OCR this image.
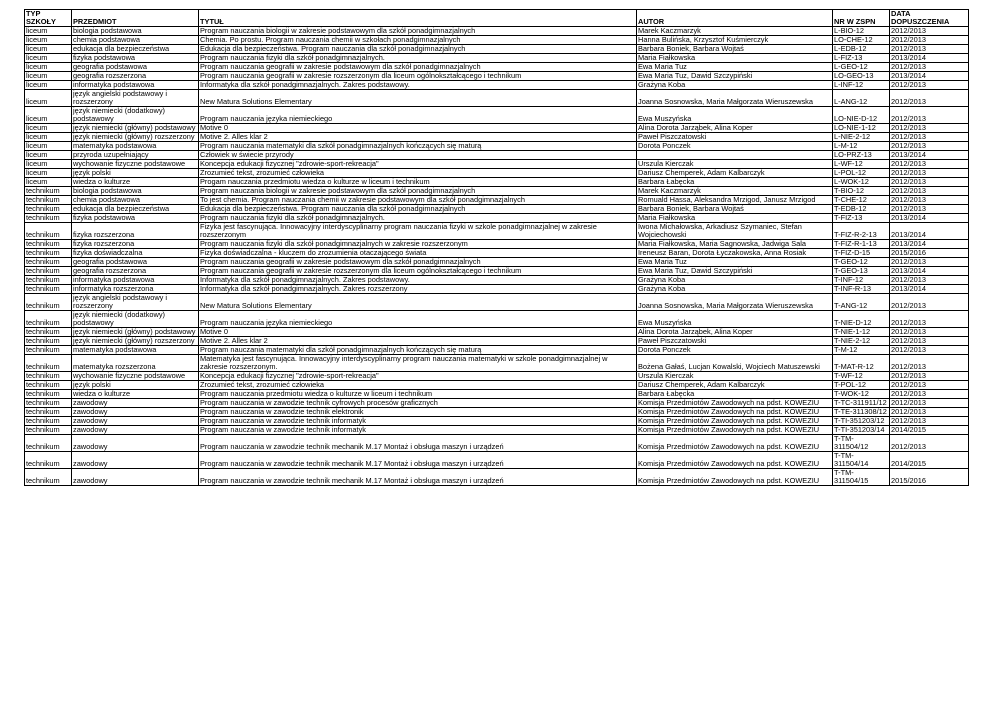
TYP SZKOŁY	PRZEDMIOT	TYTUŁ	AUTOR	NR W ZSPN	DATA DOPUSZCZENIA
liceum	biologia podstawowa	Program nauczania biologii w zakresie podstawowym dla szkół ponadgimnazjalnych	Marek Kaczmarzyk	L-BIO-12	2012/2013
liceum	chemia podstawowa	Chemia. Po prostu. Program nauczania chemii w szkołach ponadgimnazjalnych	Hanna Bulińska, Krzysztof Kuśmierczyk	LO-CHE-12	2012/2013
liceum	edukacja dla bezpieczeństwa	Edukacja dla bezpieczeństwa. Program nauczania dla szkół ponadgimnazjalnych	Barbara Boniek, Barbara Wojtaś	L-EDB-12	2012/2013
liceum	fizyka podstawowa	Program nauczania fizyki dla szkół ponadgimnazjalnych.	Maria Fiałkowska	L-FIZ-13	2013/2014
liceum	geografia podstawowa	Program nauczania geografii w zakresie podstawowym dla szkół ponadgimnazjalnych	Ewa Maria Tuz	L-GEO-12	2012/2013
liceum	geografia rozszerzona	Program nauczania geografii w zakresie rozszerzonym dla liceum ogólnokształcącego i technikum	Ewa Maria Tuz, Dawid Szczypiński	LO-GEO-13	2013/2014
liceum	informatyka podstawowa	Informatyka dla szkół ponadgimnazjalnych. Zakres podstawowy.	Grażyna Koba	L-INF-12	2012/2013
liceum	język angielski podstawowy i rozszerzony	New Matura Solutions Elementary	Joanna Sosnowska, Maria Małgorzata Wieruszewska	L-ANG-12	2012/2013
liceum	język niemiecki (dodatkowy) podstawowy	Program nauczania języka niemieckiego	Ewa Muszyńska	LO-NIE-D-12	2012/2013
liceum	język niemiecki (główny) podstawowy	Motive 0	Alina Dorota Jarząbek, Alina Koper	LO-NIE-1-12	2012/2013
liceum	język niemiecki (główny) rozszerzony	Motive 2. Alles klar 2	Paweł Piszczatowski	L-NIE-2-12	2012/2013
liceum	matematyka podstawowa	Program nauczania matematyki dla szkół ponadgimnazjalnych kończących się maturą	Dorota Ponczek	L-M-12	2012/2013
liceum	przyroda uzupełniający	Człowiek w świecie przyrody		LO-PRZ-13	2013/2014
liceum	wychowanie fizyczne podstawowe	Koncepcja edukacji fizycznej "zdrowie-sport-rekreacja"	Urszula Kierczak	L-WF-12	2012/2013
liceum	język polski	Zrozumieć tekst, zrozumieć człowieka	Dariusz Chemperek, Adam Kalbarczyk	L-POL-12	2012/2013
liceum	wiedza o kulturze	Progam nauczania przedmiotu wiedza o kulturze w liceum i technikum	Barbara Łabęcka	L-WOK-12	2012/2013
technikum	biologia podstawowa	Program nauczania biologii w zakresie podstawowym dla szkół ponadgimnazjalnych	Marek Kaczmarzyk	T-BIO-12	2012/2013
technikum	chemia podstawowa	To jest chemia. Program nauczania chemii w zakresie podstawowym dla szkół ponadgimnazjalnych	Romuald Hassa, Aleksandra Mrzigod, Janusz Mrzigod	T-CHE-12	2012/2013
technikum	edukacja dla bezpieczeństwa	Edukacja dla bezpieczeństwa. Program nauczania dla szkół ponadgimnazjalnych	Barbara Boniek, Barbara Wojtaś	T-EDB-12	2012/2013
technikum	fizyka podstawowa	Program nauczania fizyki dla szkół ponadgimnazjalnych.	Maria Fiałkowska	T-FIZ-13	2013/2014
technikum	fizyka rozszerzona	Fizyka jest fascynująca. Innowacyjny interdyscyplinarny program nauczania fizyki w szkole ponadgimnazjalnej w zakresie rozszerzonym	Iwona Michałowska, Arkadiusz Szymaniec, Stefan Wojciechowski	T-FIZ-R-2-13	2013/2014
technikum	fizyka rozszerzona	Program nauczania fizyki dla szkół ponadgimnazjalnych w zakresie rozszerzonym	Maria Fiałkowska, Maria Sagnowska, Jadwiga Sala	T-FIZ-R-1-13	2013/2014
technikum	fizyka doświadczalna	Fizyka doświadczalna - kluczem do zrozumienia otaczającego świata	Ireneusz Baran, Dorota Łyczakowska, Anna Rosiak	T-FIZ-D-15	2015/2016
technikum	geografia podstawowa	Program nauczania geografii w zakresie podstawowym dla szkół ponadgimnazjalnych	Ewa Maria Tuz	T-GEO-12	2012/2013
technikum	geografia rozszerzona	Program nauczania geografii w zakresie rozszerzonym dla liceum ogólnokształcącego i technikum	Ewa Maria Tuz, Dawid Szczypiński	T-GEO-13	2013/2014
technikum	informatyka podstawowa	Informatyka dla szkół ponadgimnazjalnych. Zakres podstawowy.	Grażyna Koba	T-INF-12	2012/2013
technikum	informatyka rozszerzona	Informatyka dla szkół ponadgimnazjalnych. Zakres rozszerzony	Grażyna Koba	T-INF-R-13	2013/2014
technikum	język angielski podstawowy i rozszerzony	New Matura Solutions Elementary	Joanna Sosnowska, Maria Małgorzata Wieruszewska	T-ANG-12	2012/2013
technikum	język niemiecki (dodatkowy) podstawowy	Program nauczania języka niemieckiego	Ewa Muszyńska	T-NIE-D-12	2012/2013
technikum	język niemiecki (główny) podstawowy	Motive 0	Alina Dorota Jarząbek, Alina Koper	T-NIE-1-12	2012/2013
technikum	język niemiecki (główny) rozszerzony	Motive 2. Alles klar 2	Paweł Piszczatowski	T-NIE-2-12	2012/2013
technikum	matematyka podstawowa	Program nauczania matematyki dla szkół ponadgimnazjalnych kończących się maturą	Dorota Ponczek	T-M-12	2012/2013
technikum	matematyka rozszerzona	Matematyka jest fascynująca. Innowacyjny interdyscyplinarny program nauczania matematyki w szkole ponadgimnazjalnej w zakresie rozszerzonym.	Bożena Gałaś, Lucjan Kowalski, Wojciech Matuszewski	T-MAT-R-12	2012/2013
technikum	wychowanie fizyczne podstawowe	Koncepcja edukacji fizycznej "zdrowie-sport-rekreacja"	Urszula Kierczak	T-WF-12	2012/2013
technikum	język polski	Zrozumieć tekst, zrozumieć człowieka	Dariusz Chemperek, Adam Kalbarczyk	T-POL-12	2012/2013
technikum	wiedza o kulturze	Program nauczania przedmiotu wiedza o kulturze w liceum i technikum	Barbara Łabęcka	T-WOK-12	2012/2013
technikum	zawodowy	Program nauczania w zawodzie technik cyfrowych procesów graficznych	Komisja Przedmiotów Zawodowych na pdst. KOWEZIU	T-TC-311911/12	2012/2013
technikum	zawodowy	Program nauczania w zawodzie technik elektronik	Komisja Przedmiotów Zawodowych na pdst. KOWEZIU	T-TE-311308/12	2012/2013
technikum	zawodowy	Program nauczania w zawodzie technik informatyk	Komisja Przedmiotów Zawodowych na pdst. KOWEZIU	T-TI-351203/12	2012/2013
technikum	zawodowy	Program nauczania w zawodzie technik informatyk	Komisja Przedmiotów Zawodowych na pdst. KOWEZIU	T-TI-351203/14	2014/2015
technikum	zawodowy	Program nauczania w zawodzie technik mechanik M.17 Montaż i obsługa maszyn i urządzeń	Komisja Przedmiotów Zawodowych na pdst. KOWEZIU	T-TM-311504/12	2012/2013
technikum	zawodowy	Program nauczania w zawodzie technik mechanik M.17 Montaż i obsługa maszyn i urządzeń	Komisja Przedmiotów Zawodowych na pdst. KOWEZIU	T-TM-311504/14	2014/2015
technikum	zawodowy	Program nauczania w zawodzie technik mechanik M.17 Montaż i obsługa maszyn i urządzeń	Komisja Przedmiotów Zawodowych na pdst. KOWEZIU	T-TM-311504/15	2015/2016
